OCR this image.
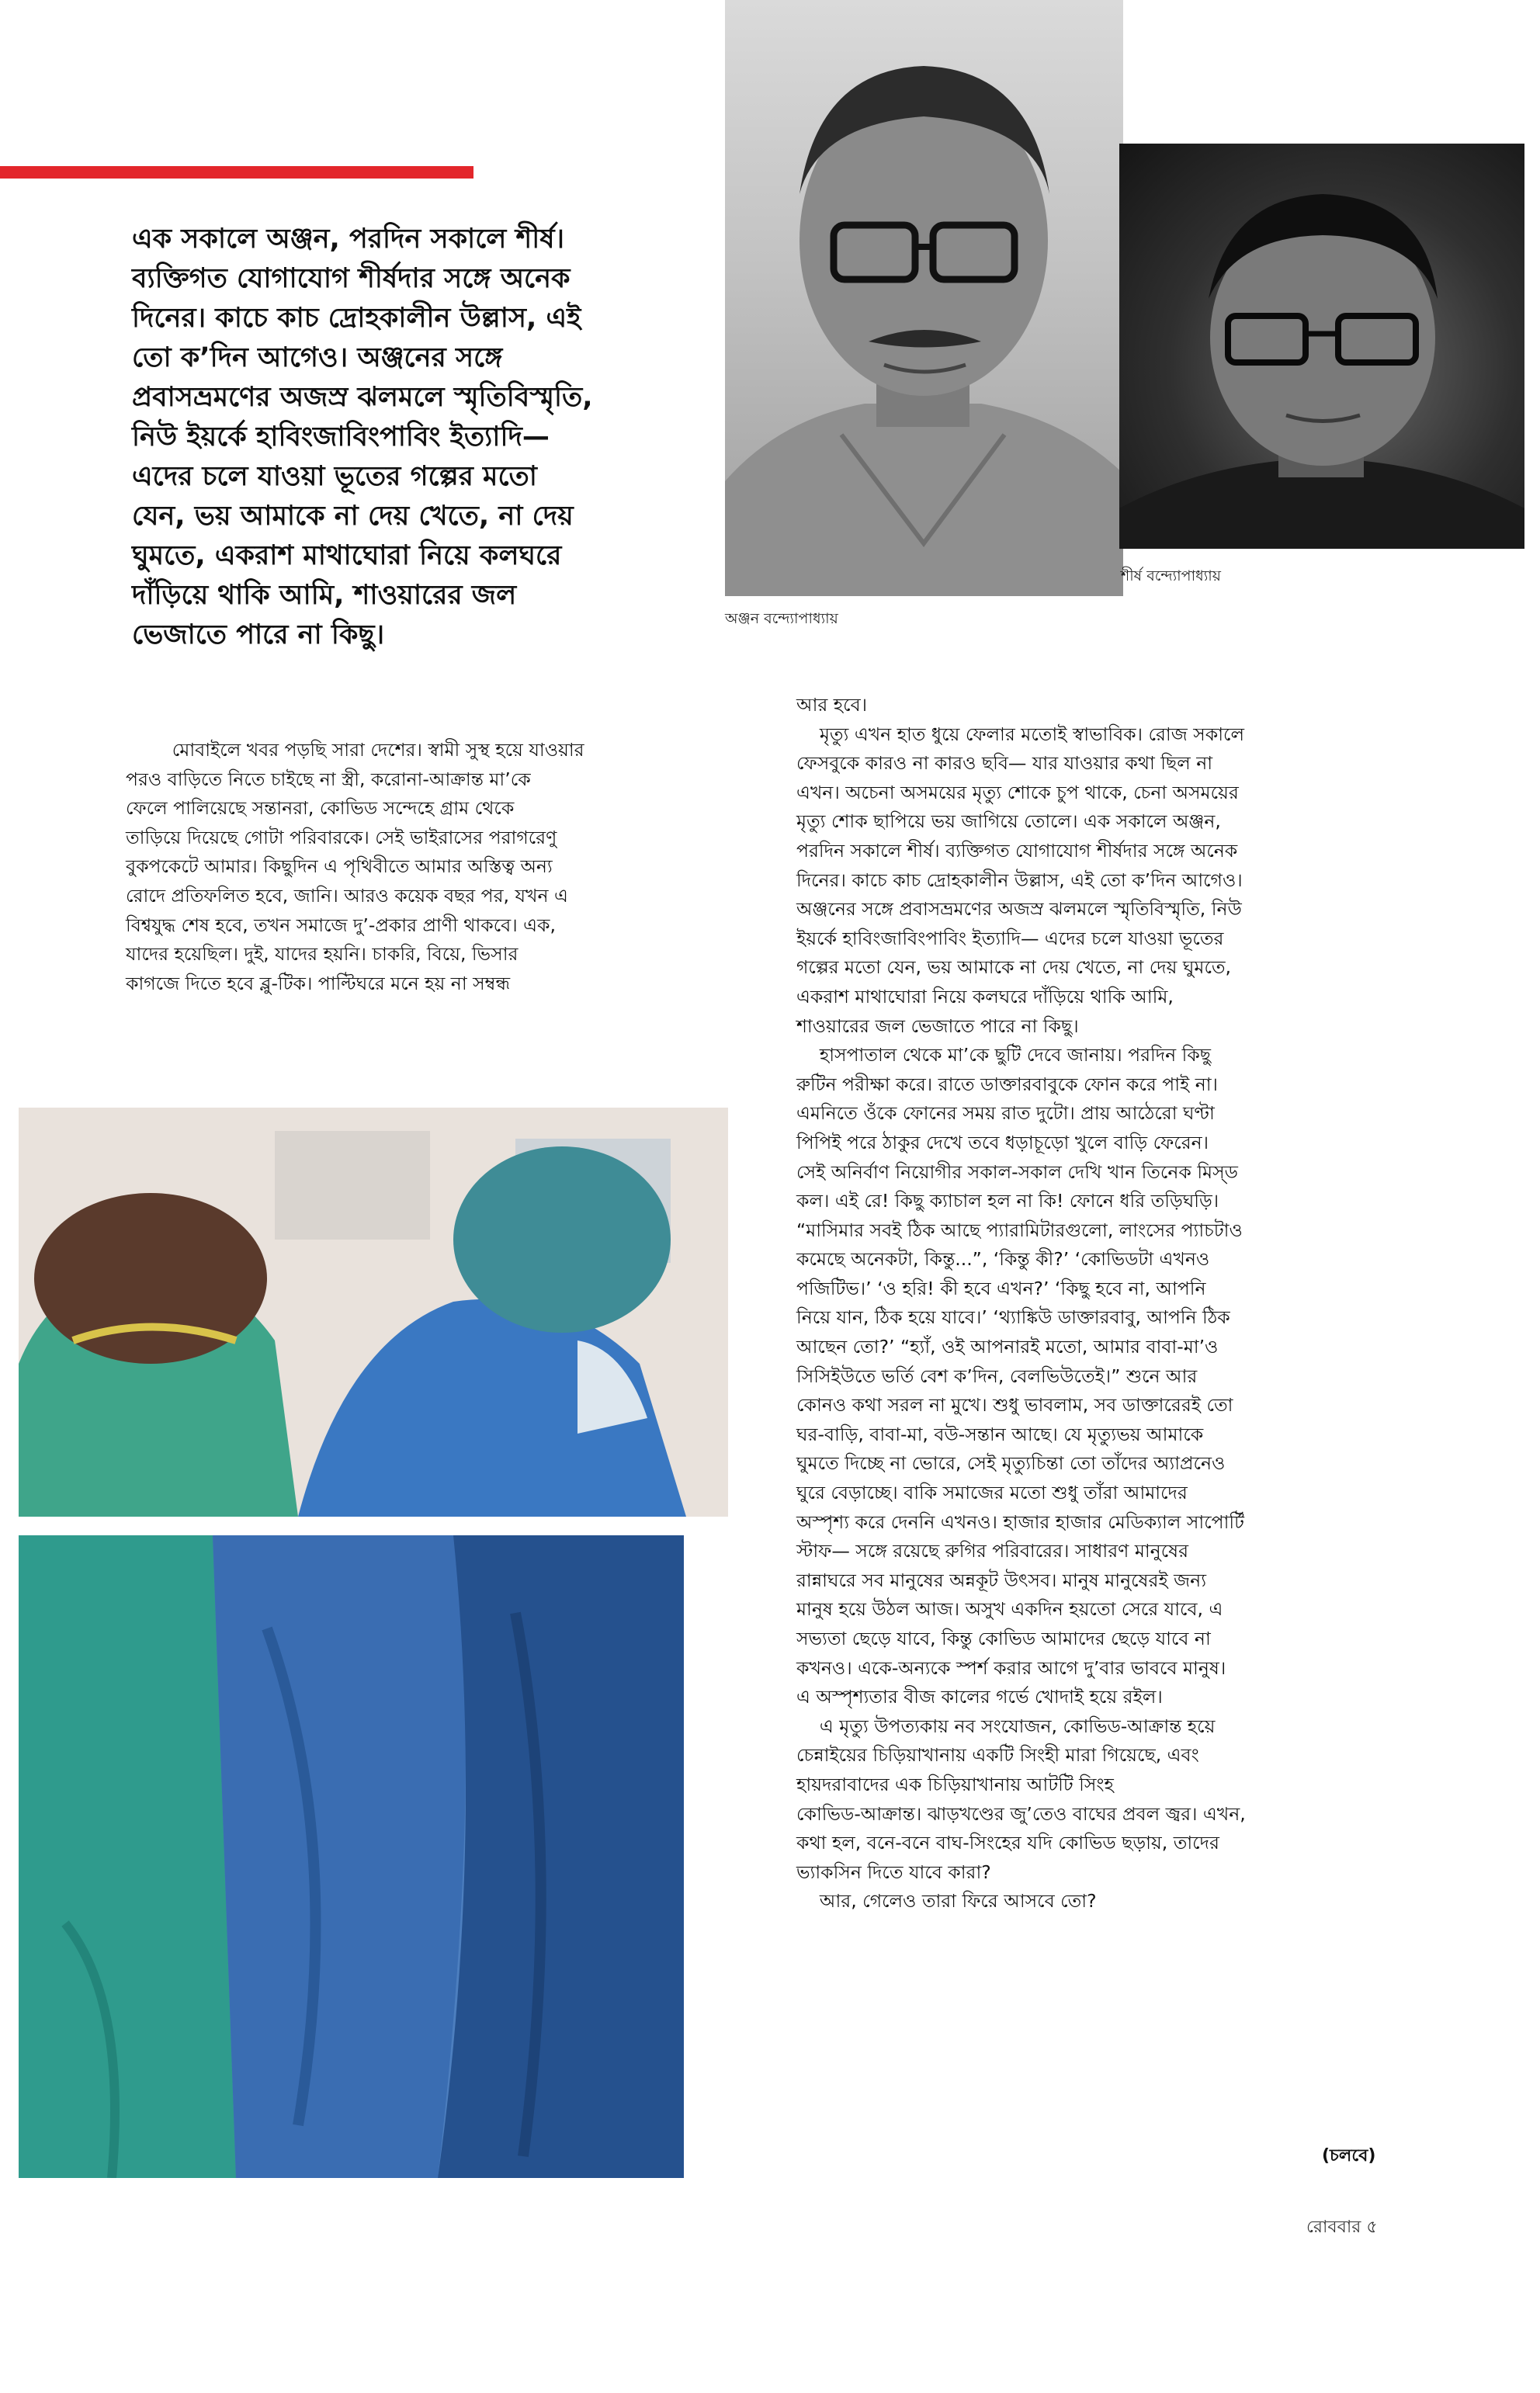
এক সকালে অঞ্জন, পরদিন সকালে শীর্ষ।
ব্যক্তিগত যোগাযোগ শীর্ষদার সঙ্গে অনেক
দিনের। কাচে কাচ দ্রোহকালীন উল্লাস, এই
তো ক’দিন আগেও। অঞ্জনের সঙ্গে
প্রবাসভ্রমণের অজস্র ঝলমলে স্মৃতিবিস্মৃতি,
নিউ ইয়র্কে হাবিংজাবিংপাবিং ইত্যাদি—
এদের চলে যাওয়া ভূতের গল্পের মতো
যেন, ভয় আমাকে না দেয় খেতে, না দেয়
ঘুমতে, একরাশ মাথাঘোরা নিয়ে কলঘরে
দাঁড়িয়ে থাকি আমি, শাওয়ারের জল
ভেজাতে পারে না কিছু।
শীর্ষ বন্দ্যোপাধ্যায়
অঞ্জন বন্দ্যোপাধ্যায়
মোবাইলে খবর পড়ছি সারা দেশের। স্বামী সুস্থ হয়ে যাওয়ার
পরও বাড়িতে নিতে চাইছে না স্ত্রী, করোনা-আক্রান্ত মা’কে
ফেলে পালিয়েছে সন্তানরা, কোভিড সন্দেহে গ্রাম থেকে
তাড়িয়ে দিয়েছে গোটা পরিবারকে। সেই ভাইরাসের পরাগরেণু
বুকপকেটে আমার। কিছুদিন এ পৃথিবীতে আমার অস্তিত্ব অন্য
রোদে প্রতিফলিত হবে, জানি। আরও কয়েক বছর পর, যখন এ
বিশ্বযুদ্ধ শেষ হবে, তখন সমাজে দু’-প্রকার প্রাণী থাকবে। এক,
যাদের হয়েছিল। দুই, যাদের হয়নি। চাকরি, বিয়ে, ভিসার
কাগজে দিতে হবে ব্লু-টিক। পাল্টিঘরে মনে হয় না সম্বন্ধ
আর হবে।
মৃত্যু এখন হাত ধুয়ে ফেলার মতোই স্বাভাবিক। রোজ সকালে
ফেসবুকে কারও না কারও ছবি— যার যাওয়ার কথা ছিল না
এখন। অচেনা অসময়ের মৃত্যু শোকে চুপ থাকে, চেনা অসময়ের
মৃত্যু শোক ছাপিয়ে ভয় জাগিয়ে তোলে। এক সকালে অঞ্জন,
পরদিন সকালে শীর্ষ। ব্যক্তিগত যোগাযোগ শীর্ষদার সঙ্গে অনেক
দিনের। কাচে কাচ দ্রোহকালীন উল্লাস, এই তো ক’দিন আগেও।
অঞ্জনের সঙ্গে প্রবাসভ্রমণের অজস্র ঝলমলে স্মৃতিবিস্মৃতি, নিউ
ইয়র্কে হাবিংজাবিংপাবিং ইত্যাদি— এদের চলে যাওয়া ভূতের
গল্পের মতো যেন, ভয় আমাকে না দেয় খেতে, না দেয় ঘুমতে,
একরাশ মাথাঘোরা নিয়ে কলঘরে দাঁড়িয়ে থাকি আমি,
শাওয়ারের জল ভেজাতে পারে না কিছু।
হাসপাতাল থেকে মা’কে ছুটি দেবে জানায়। পরদিন কিছু
রুটিন পরীক্ষা করে। রাতে ডাক্তারবাবুকে ফোন করে পাই না।
এমনিতে ওঁকে ফোনের সময় রাত দুটো। প্রায় আঠেরো ঘণ্টা
পিপিই পরে ঠাকুর দেখে তবে ধড়াচূড়ো খুলে বাড়ি ফেরেন।
সেই অনির্বাণ নিয়োগীর সকাল-সকাল দেখি খান তিনেক মিস্‌ড
কল। এই রে! কিছু ক্যাচাল হল না কি! ফোনে ধরি তড়িঘড়ি।
“মাসিমার সবই ঠিক আছে প্যারামিটারগুলো, লাংসের প্যাচটাও
কমেছে অনেকটা, কিন্তু...”, ‘কিন্তু কী?’ ‘কোভিডটা এখনও
পজিটিভ।’ ‘ও হরি! কী হবে এখন?’ ‘কিছু হবে না, আপনি
নিয়ে যান, ঠিক হয়ে যাবে।’ ‘থ্যাঙ্কিউ ডাক্তারবাবু, আপনি ঠিক
আছেন তো?’ “হ্যাঁ, ওই আপনারই মতো, আমার বাবা-মা’ও
সিসিইউতে ভর্তি বেশ ক’দিন, বেলভিউতেই।” শুনে আর
কোনও কথা সরল না মুখে। শুধু ভাবলাম, সব ডাক্তারেরই তো
ঘর-বাড়ি, বাবা-মা, বউ-সন্তান আছে। যে মৃত্যুভয় আমাকে
ঘুমতে দিচ্ছে না ভোরে, সেই মৃত্যুচিন্তা তো তাঁদের অ্যাপ্রনেও
ঘুরে বেড়াচ্ছে। বাকি সমাজের মতো শুধু তাঁরা আমাদের
অস্পৃশ্য করে দেননি এখনও। হাজার হাজার মেডিক্যাল সাপোর্টি
স্টাফ— সঙ্গে রয়েছে রুগির পরিবারের। সাধারণ মানুষের
রান্নাঘরে সব মানুষের অন্নকূট উৎসব। মানুষ মানুষেরই জন্য
মানুষ হয়ে উঠল আজ। অসুখ একদিন হয়তো সেরে যাবে, এ
সভ্যতা ছেড়ে যাবে, কিন্তু কোভিড আমাদের ছেড়ে যাবে না
কখনও। একে-অন্যকে স্পর্শ করার আগে দু’বার ভাববে মানুষ।
এ অস্পৃশ্যতার বীজ কালের গর্ভে খোদাই হয়ে রইল।
এ মৃত্যু উপত্যকায় নব সংযোজন, কোভিড-আক্রান্ত হয়ে
চেন্নাইয়ের চিড়িয়াখানায় একটি সিংহী মারা গিয়েছে, এবং
হায়দরাবাদের এক চিড়িয়াখানায় আটটি সিংহ
কোভিড-আক্রান্ত। ঝাড়খণ্ডের জু’তেও বাঘের প্রবল জ্বর। এখন,
কথা হল, বনে-বনে বাঘ-সিংহের যদি কোভিড ছড়ায়, তাদের
ভ্যাকসিন দিতে যাবে কারা?
আর, গেলেও তারা ফিরে আসবে তো?
(চলবে)
রোববার ৫
